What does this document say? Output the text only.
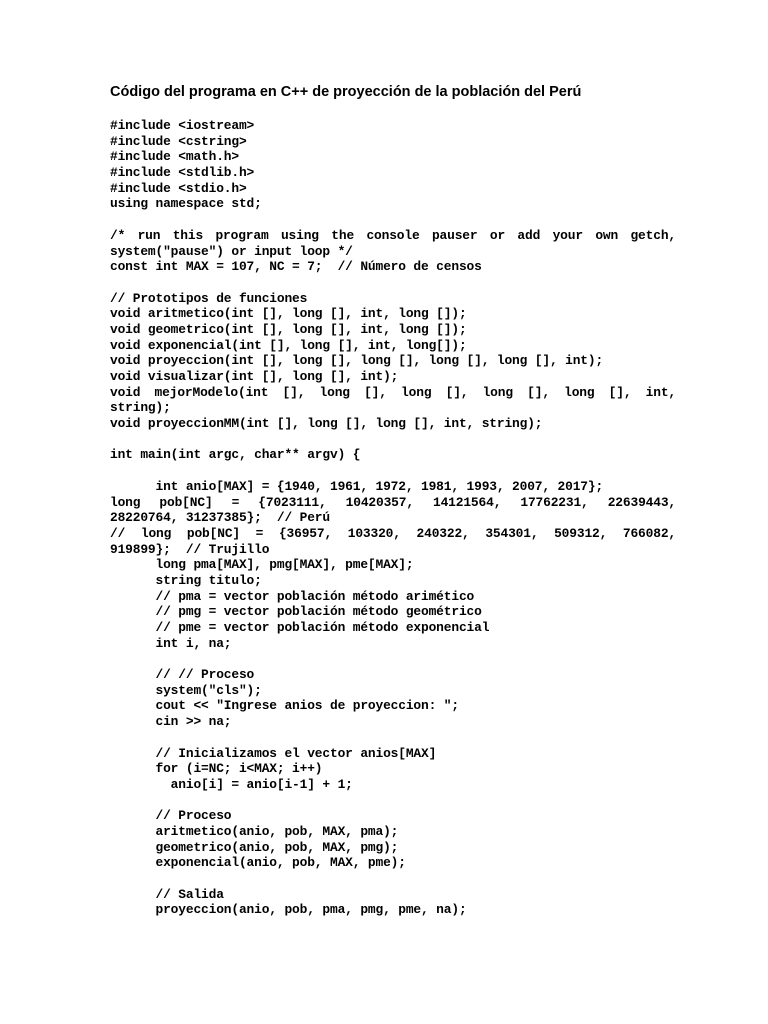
Código del programa en C++ de proyección de la población del Perú
#include <iostream>
#include <cstring>
#include <math.h>
#include <stdlib.h>
#include <stdio.h>
using namespace std;

/* run this program using the console pauser or add your own getch,
system("pause") or input loop */
const int MAX = 107, NC = 7;  // Número de censos

// Prototipos de funciones
void aritmetico(int [], long [], int, long []);
void geometrico(int [], long [], int, long []);
void exponencial(int [], long [], int, long[]);
void proyeccion(int [], long [], long [], long [], long [], int);
void visualizar(int [], long [], int);
void mejorModelo(int [], long [], long [], long [], long [], int,
string);
void proyeccionMM(int [], long [], long [], int, string);

int main(int argc, char** argv) {

int anio[MAX] = {1940, 1961, 1972, 1981, 1993, 2007, 2017};
long pob[NC] = {7023111, 10420357, 14121564, 17762231, 22639443,
28220764, 31237385};  // Perú
// long pob[NC] = {36957, 103320, 240322, 354301, 509312, 766082,
919899};  // Trujillo
long pma[MAX], pmg[MAX], pme[MAX];
string titulo;
// pma = vector población método arimético
// pmg = vector población método geométrico
// pme = vector población método exponencial
int i, na;

// // Proceso
system("cls");
cout << "Ingrese anios de proyeccion: ";
cin >> na;

// Inicializamos el vector anios[MAX]
for (i=NC; i<MAX; i++)
anio[i] = anio[i-1] + 1;

// Proceso
aritmetico(anio, pob, MAX, pma);
geometrico(anio, pob, MAX, pmg);
exponencial(anio, pob, MAX, pme);

// Salida
proyeccion(anio, pob, pma, pmg, pme, na);
